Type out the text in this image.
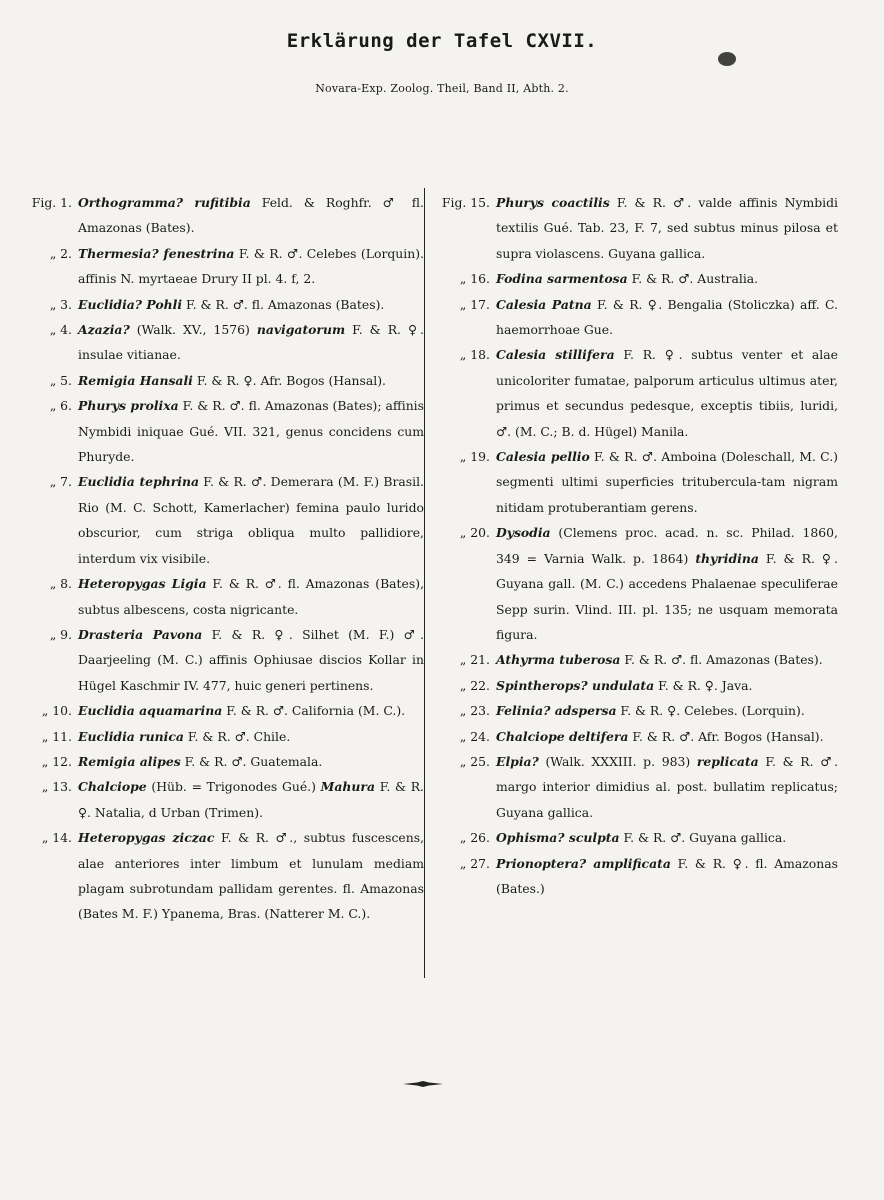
Erklärung der Tafel CXVII.
Novara-Exp. Zoolog. Theil, Band II, Abth. 2.
Fig. 1. Orthogramma? rufitibia Feld. & Roghfr. ♂ fl. Amazonas (Bates).
„ 2. Thermesia? fenestrina F. & R. ♂. Celebes (Lorquin). affinis N. myrtaeae Drury II pl. 4. f, 2.
„ 3. Euclidia? Pohli F. & R. ♂. fl. Amazonas (Bates).
„ 4. Azazia? (Walk. XV., 1576) navigatorum F. & R. ♀. insulae vitianae.
„ 5. Remigia Hansali F. & R. ♀. Afr. Bogos (Hansal).
„ 6. Phurys prolixa F. & R. ♂. fl. Amazonas (Bates); affinis Nymbidi iniquae Gué. VII. 321, genus concidens cum Phuryde.
„ 7. Euclidia tephrina F. & R. ♂. Demerara (M. F.) Brasil. Rio (M. C. Schott, Kamerlacher) femina paulo lurido obscurior, cum striga obliqua multo pallidiore, interdum vix visibile.
„ 8. Heteropygas Ligia F. & R. ♂. fl. Amazonas (Bates), subtus albescens, costa nigricante.
„ 9. Drasteria Pavona F. & R. ♀. Silhet (M. F.) ♂. Daarjeeling (M. C.) affinis Ophiusae discios Kollar in Hügel Kaschmir IV. 477, huic generi pertinens.
„ 10. Euclidia aquamarina F. & R. ♂. California (M. C.).
„ 11. Euclidia runica F. & R. ♂. Chile.
„ 12. Remigia alipes F. & R. ♂. Guatemala.
„ 13. Chalciope (Hüb. = Trigonodes Gué.) Mahura F. & R. ♀. Natalia, d Urban (Trimen).
„ 14. Heteropygas ziczac F. & R. ♂., subtus fuscescens, alae anteriores inter limbum et lunulam mediam plagam subrotundam pallidam gerentes. fl. Amazonas (Bates M. F.) Ypanema, Bras. (Natterer M. C.).
Fig. 15. Phurys coactilis F. & R. ♂. valde affinis Nymbidi textilis Gué. Tab. 23, F. 7, sed subtus minus pilosa et supra violascens. Guyana gallica.
„ 16. Fodina sarmentosa F. & R. ♂. Australia.
„ 17. Calesia Patna F. & R. ♀. Bengalia (Stoliczka) aff. C. haemorrhoae Gue.
„ 18. Calesia stillifera F. R. ♀. subtus venter et alae unicoloriter fumatae, palporum articulus ultimus ater, primus et secundus pedesque, exceptis tibiis, luridi, ♂. (M. C.; B. d. Hügel) Manila.
„ 19. Calesia pellio F. & R. ♂. Amboina (Doleschall, M. C.) segmenti ultimi superficies tritubercula-tam nigram nitidam protuberantiam gerens.
„ 20. Dysodia (Clemens proc. acad. n. sc. Philad. 1860, 349 = Varnia Walk. p. 1864) thyridina F. & R. ♀. Guyana gall. (M. C.) accedens Phalaenae speculiferae Sepp surin. Vlind. III. pl. 135; ne usquam memorata figura.
„ 21. Athyrma tuberosa F. & R. ♂. fl. Amazonas (Bates).
„ 22. Spintherops? undulata F. & R. ♀. Java.
„ 23. Felinia? adspersa F. & R. ♀. Celebes. (Lorquin).
„ 24. Chalciope deltifera F. & R. ♂. Afr. Bogos (Hansal).
„ 25. Elpia? (Walk. XXXIII. p. 983) replicata F. & R. ♂. margo interior dimidius al. post. bullatim replicatus; Guyana gallica.
„ 26. Ophisma? sculpta F. & R. ♂. Guyana gallica.
„ 27. Prionoptera? amplificata F. & R. ♀. fl. Amazonas (Bates.)
